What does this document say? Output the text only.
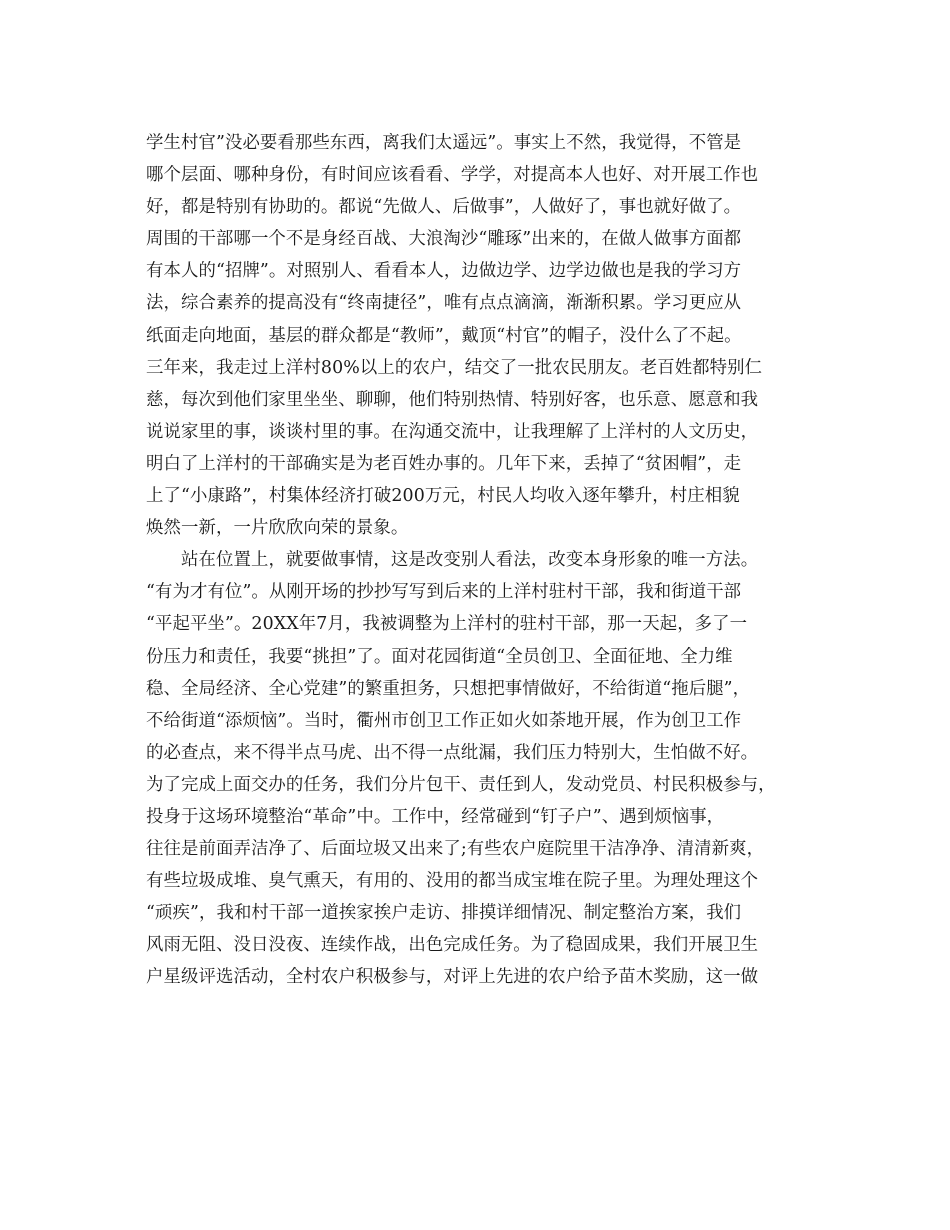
学生村官”没必要看那些东西，离我们太遥远”。事实上不然，我觉得，不管是
哪个层面、哪种身份，有时间应该看看、学学，对提高本人也好、对开展工作也
好，都是特别有协助的。都说“先做人、后做事”，人做好了，事也就好做了。
周围的干部哪一个不是身经百战、大浪淘沙“雕琢”出来的，在做人做事方面都
有本人的“招牌”。对照别人、看看本人，边做边学、边学边做也是我的学习方
法，综合素养的提高没有“终南捷径”，唯有点点滴滴，渐渐积累。学习更应从
纸面走向地面，基层的群众都是“教师”，戴顶“村官”的帽子，没什么了不起。
三年来，我走过上洋村80%以上的农户，结交了一批农民朋友。老百姓都特别仁
慈，每次到他们家里坐坐、聊聊，他们特别热情、特别好客，也乐意、愿意和我
说说家里的事，谈谈村里的事。在沟通交流中，让我理解了上洋村的人文历史，
明白了上洋村的干部确实是为老百姓办事的。几年下来，丢掉了“贫困帽”，走
上了“小康路”，村集体经济打破200万元，村民人均收入逐年攀升，村庄相貌
焕然一新，一片欣欣向荣的景象。
站在位置上，就要做事情，这是改变别人看法，改变本身形象的唯一方法。
“有为才有位”。从刚开场的抄抄写写到后来的上洋村驻村干部，我和街道干部
“平起平坐”。20XX年7月，我被调整为上洋村的驻村干部，那一天起，多了一
份压力和责任，我要“挑担”了。面对花园街道“全员创卫、全面征地、全力维
稳、全局经济、全心党建”的繁重担务，只想把事情做好，不给街道“拖后腿”，
不给街道“添烦恼”。当时，衢州市创卫工作正如火如荼地开展，作为创卫工作
的必查点，来不得半点马虎、出不得一点纰漏，我们压力特别大，生怕做不好。
为了完成上面交办的任务，我们分片包干、责任到人，发动党员、村民积极参与，
投身于这场环境整治“革命”中。工作中，经常碰到“钉子户”、遇到烦恼事，
往往是前面弄洁净了、后面垃圾又出来了;有些农户庭院里干洁净净、清清新爽，
有些垃圾成堆、臭气熏天，有用的、没用的都当成宝堆在院子里。为理处理这个
“顽疾”，我和村干部一道挨家挨户走访、排摸详细情况、制定整治方案，我们
风雨无阻、没日没夜、连续作战，出色完成任务。为了稳固成果，我们开展卫生
户星级评选活动，全村农户积极参与，对评上先进的农户给予苗木奖励，这一做
